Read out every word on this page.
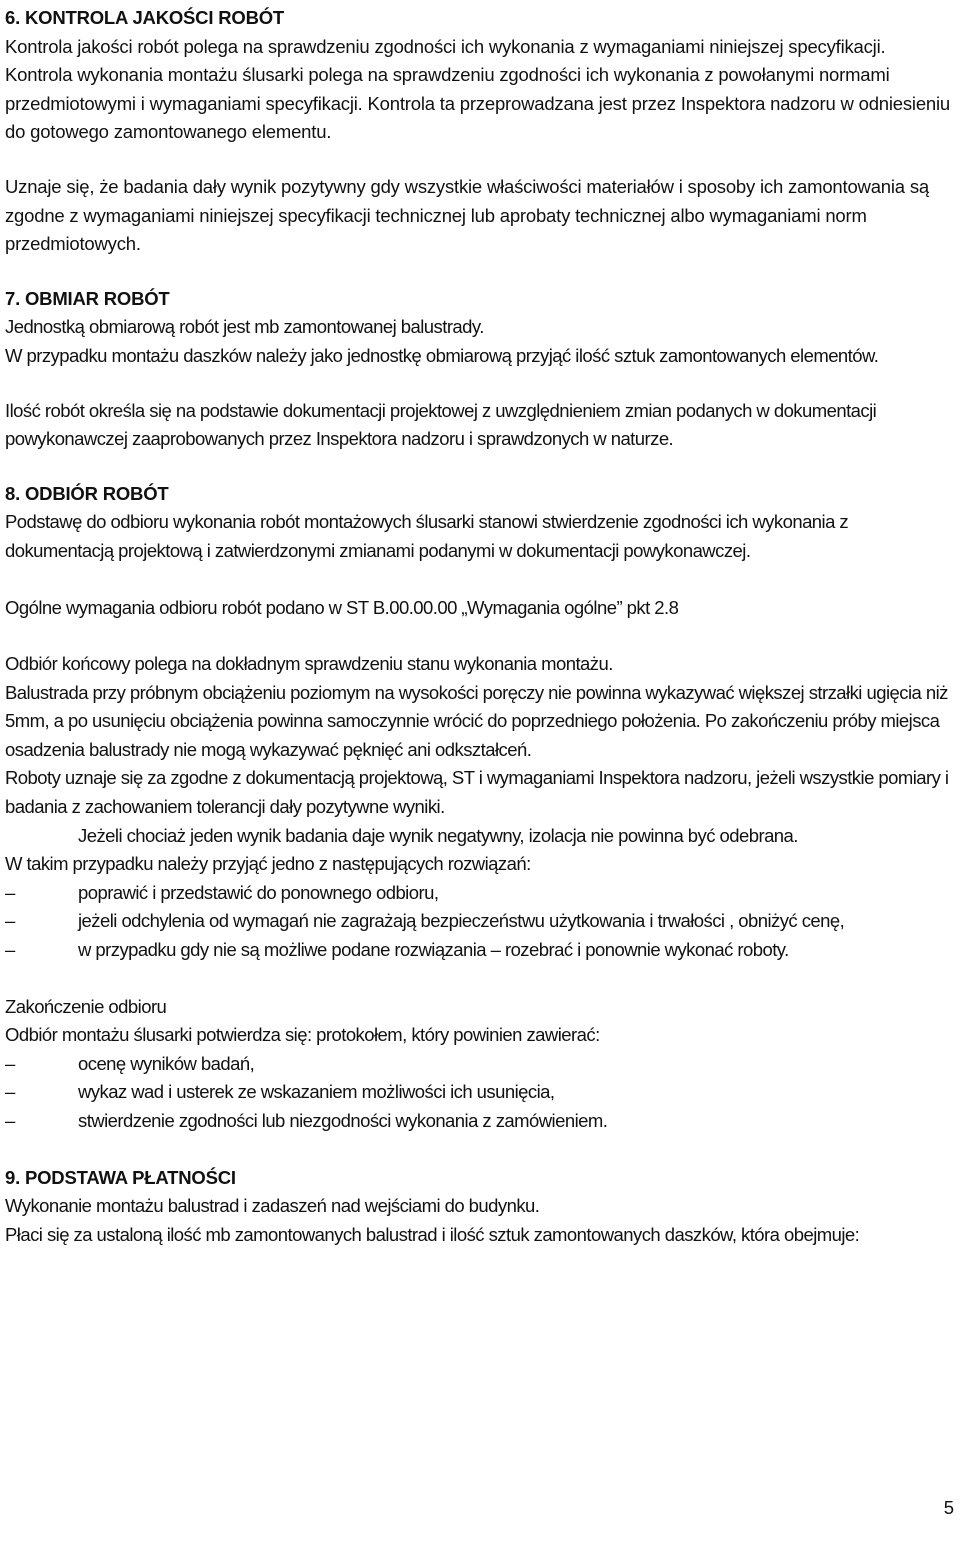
6. KONTROLA JAKOŚCI ROBÓT

Kontrola jakości robót polega na sprawdzeniu zgodności ich wykonania z wymaganiami niniejszej specyfikacji.

Kontrola wykonania montażu ślusarki polega na sprawdzeniu zgodności ich wykonania z powołanymi normami przedmiotowymi i wymaganiami specyfikacji. Kontrola ta przeprowadzana jest przez Inspektora nadzoru w odniesieniu do gotowego zamontowanego elementu.

Uznaje się, że badania dały wynik pozytywny gdy wszystkie właściwości materiałów i sposoby ich zamontowania są zgodne z wymaganiami niniejszej specyfikacji technicznej lub aprobaty technicznej albo wymaganiami norm przedmiotowych.

7. OBMIAR ROBÓT

Jednostką obmiarową robót jest mb zamontowanej balustrady.

W przypadku montażu daszków należy jako jednostkę obmiarową przyjąć ilość sztuk zamontowanych elementów.

Ilość robót określa się na podstawie dokumentacji projektowej z uwzględnieniem zmian podanych w dokumentacji powykonawczej zaaprobowanych przez Inspektora nadzoru i sprawdzonych w naturze.

8. ODBIÓR ROBÓT

Podstawę do odbioru wykonania robót montażowych ślusarki stanowi stwierdzenie zgodności ich wykonania z dokumentacją projektową i zatwierdzonymi zmianami podanymi w dokumentacji powykonawczej.

Ogólne wymagania odbioru robót podano w ST B.00.00.00 „Wymagania ogólne” pkt 2.8

Odbiór końcowy polega na dokładnym sprawdzeniu stanu wykonania montażu.

Balustrada przy próbnym obciążeniu poziomym na wysokości poręczy nie powinna wykazywać większej strzałki ugięcia niż 5mm, a po usunięciu obciążenia powinna samoczynnie wrócić do poprzedniego położenia. Po zakończeniu próby miejsca osadzenia balustrady nie mogą wykazywać pęknięć ani odkształceń.

Roboty uznaje się za zgodne z dokumentacją projektową, ST i wymaganiami Inspektora nadzoru, jeżeli wszystkie pomiary i badania z zachowaniem tolerancji dały pozytywne wyniki.

Jeżeli chociaż jeden wynik badania daje wynik negatywny, izolacja nie powinna być odebrana.

W takim przypadku należy przyjąć jedno z następujących rozwiązań:

–	poprawić i przedstawić do ponownego odbioru,
–	jeżeli odchylenia od wymagań nie zagrażają bezpieczeństwu użytkowania i trwałości , obniżyć cenę,
–	w przypadku gdy nie są możliwe podane rozwiązania – rozebrać i ponownie wykonać roboty.

Zakończenie odbioru

Odbiór montażu ślusarki potwierdza się: protokołem, który powinien zawierać:

–	ocenę wyników badań,
–	wykaz wad i usterek ze wskazaniem możliwości ich usunięcia,
–	stwierdzenie zgodności lub niezgodności wykonania z zamówieniem.
9. PODSTAWA PŁATNOŚCI

Wykonanie montażu balustrad i zadaszeń nad wejściami do budynku.

Płaci się za ustaloną ilość mb zamontowanych balustrad i ilość sztuk zamontowanych daszków, która obejmuje:

5
